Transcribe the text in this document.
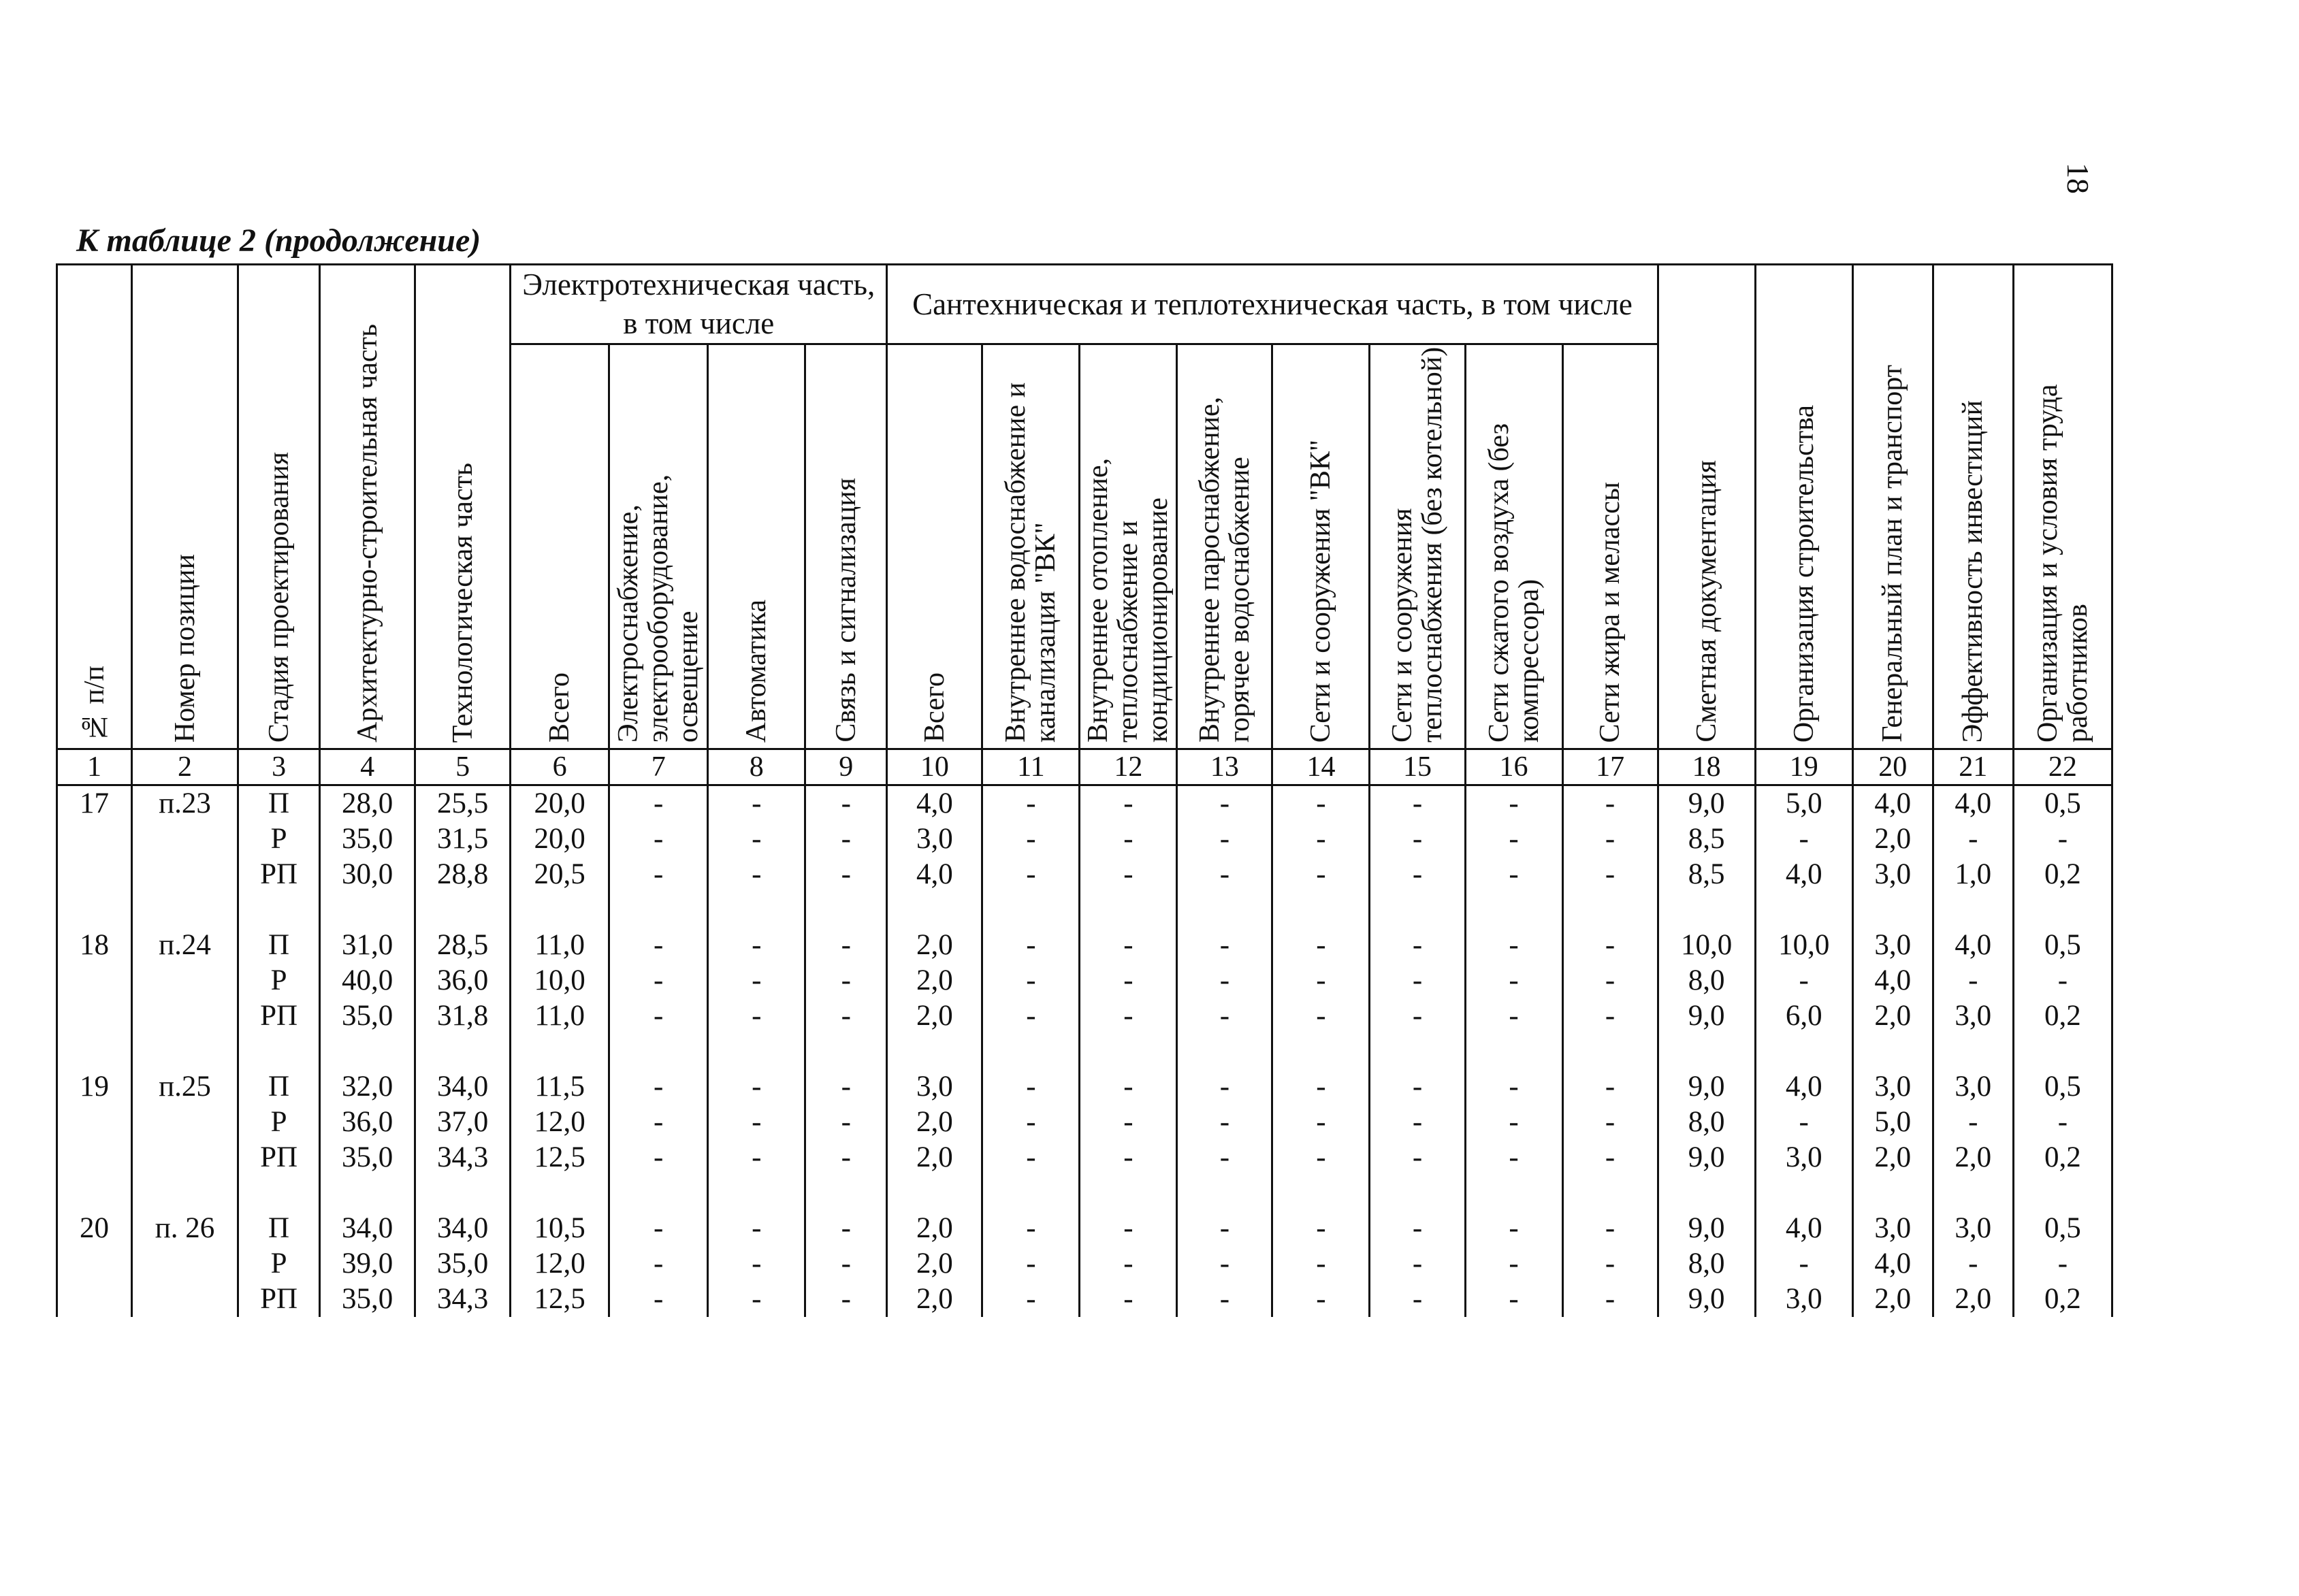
18
К таблице 2 (продолжение)
№ п/п	Номер позиции	Стадия проектирования	Архитектурно-строительная часть	Технологическая часть	Электротехническая часть, в том числе				Сантехническая и теплотехническая часть, в том числе								Сметная документация	Организация строительства	Генеральный план и транспорт	Эффективность инвестиций	Организация и условия труда работников

					Всего	Электроснабжение, электрооборудование, освещение	Автоматика	Связь и сигнализация	Всего	Внутреннее водоснабжение и канализация "ВК"	Внутреннее отопление, теплоснабжение и кондиционирование	Внутреннее пароснабжение, горячее водоснабжение	Сети и сооружения "ВК"	Сети и сооружения теплоснабжения (без котельной)	Сети сжатого воздуха (без компрессора)	Сети жира и мелассы					

1	2	3	4	5	6	7	8	9	10	11	12	13	14	15	16	17	18	19	20	21	22
17	п.23	П	28,0	25,5	20,0	-	-	-	4,0	-	-	-	-	-	-	-	9,0	5,0	4,0	4,0	0,5
		Р	35,0	31,5	20,0	-	-	-	3,0	-	-	-	-	-	-	-	8,5	-	2,0	-	-
		РП	30,0	28,8	20,5	-	-	-	4,0	-	-	-	-	-	-	-	8,5	4,0	3,0	1,0	0,2

18	п.24	П	31,0	28,5	11,0	-	-	-	2,0	-	-	-	-	-	-	-	10,0	10,0	3,0	4,0	0,5
		Р	40,0	36,0	10,0	-	-	-	2,0	-	-	-	-	-	-	-	8,0	-	4,0	-	-
		РП	35,0	31,8	11,0	-	-	-	2,0	-	-	-	-	-	-	-	9,0	6,0	2,0	3,0	0,2

19	п.25	П	32,0	34,0	11,5	-	-	-	3,0	-	-	-	-	-	-	-	9,0	4,0	3,0	3,0	0,5
		Р	36,0	37,0	12,0	-	-	-	2,0	-	-	-	-	-	-	-	8,0	-	5,0	-	-
		РП	35,0	34,3	12,5	-	-	-	2,0	-	-	-	-	-	-	-	9,0	3,0	2,0	2,0	0,2

20	п. 26	П	34,0	34,0	10,5	-	-	-	2,0	-	-	-	-	-	-	-	9,0	4,0	3,0	3,0	0,5
		Р	39,0	35,0	12,0	-	-	-	2,0	-	-	-	-	-	-	-	8,0	-	4,0	-	-
		РП	35,0	34,3	12,5	-	-	-	2,0	-	-	-	-	-	-	-	9,0	3,0	2,0	2,0	0,2
